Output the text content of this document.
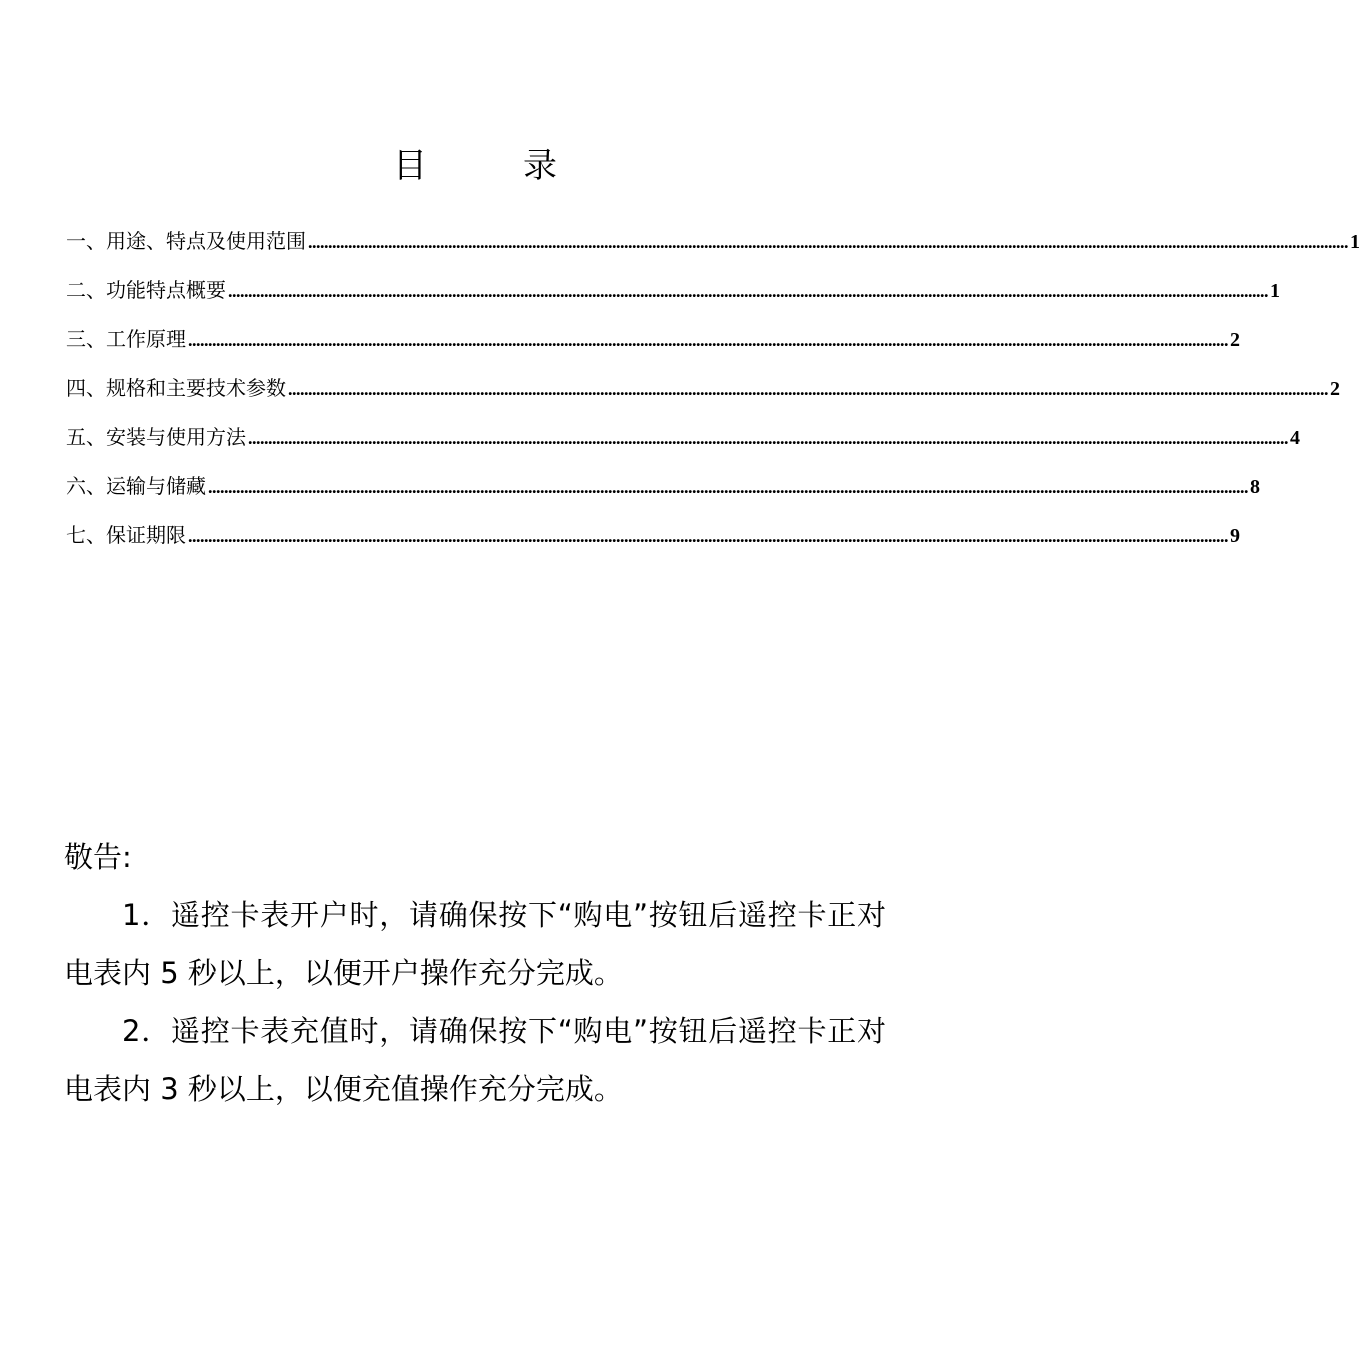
目	录
一、用途、特点及使用范围 .................................................................................................................................................................................................................................................................... 1
二、功能特点概要 .................................................................................................................................................................................................................................................................... 1
三、工作原理 .................................................................................................................................................................................................................................................................... 2
四、规格和主要技术参数 .................................................................................................................................................................................................................................................................... 2
五、安装与使用方法 .................................................................................................................................................................................................................................................................... 4
六、运输与储藏 .................................................................................................................................................................................................................................................................... 8
七、保证期限 .................................................................................................................................................................................................................................................................... 9

敬告:

1．遥控卡表开户时，请确保按下“购电”按钮后遥控卡正对电表内 5 秒以上，以便开户操作充分完成。

2．遥控卡表充值时，请确保按下“购电”按钮后遥控卡正对电表内 3 秒以上，以便充值操作充分完成。
